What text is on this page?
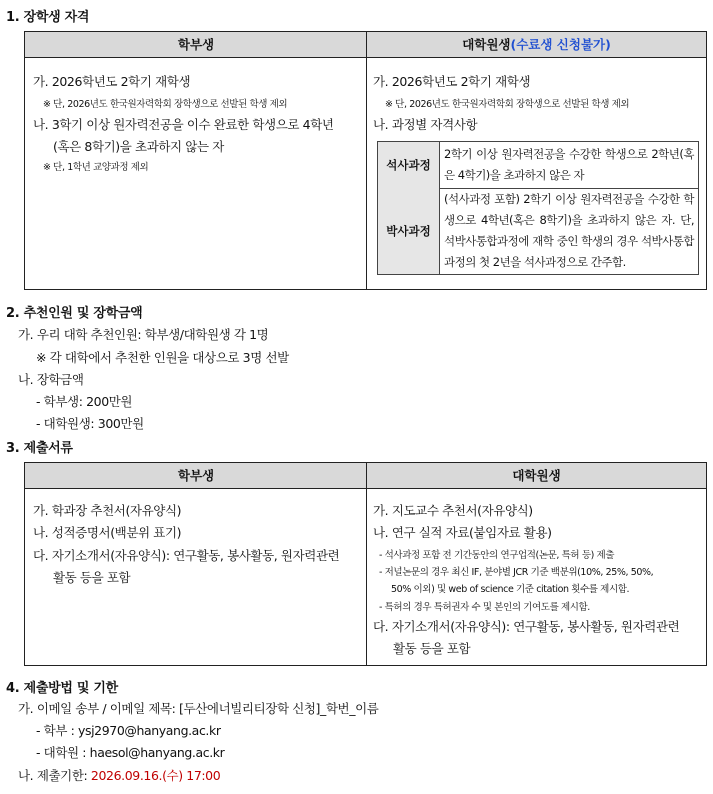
1. 장학생 자격
학부생	대학원생(수료생 신청불가)
가. 2026학년도 2학기 재학생
※ 단, 2026년도 한국원자력학회 장학생으로 선발된 학생 제외
나. 3학기 이상 원자력전공을 이수 완료한 학생으로 4학년
(혹은 8학기)을 초과하지 않는 자
※ 단, 1학년 교양과정 제외
가. 2026학년도 2학기 재학생
※ 단, 2026년도 한국원자력학회 장학생으로 선발된 학생 제외
나. 과정별 자격사항
석사과정
2학기 이상 원자력전공을 수강한 학생으로 2학년(혹은 4학기)을 초과하지 않은 자
박사과정
(석사과정 포함) 2학기 이상 원자력전공을 수강한 학생으로 4학년(혹은 8학기)을 초과하지 않은 자. 단, 석박사통합과정에 재학 중인 학생의 경우 석박사통합과정의 첫 2년을 석사과정으로 간주함.
2. 추천인원 및 장학금액
가. 우리 대학 추천인원: 학부생/대학원생 각 1명
※ 각 대학에서 추천한 인원을 대상으로 3명 선발
나. 장학금액
- 학부생: 200만원
- 대학원생: 300만원
3. 제출서류
학부생	대학원생
가. 학과장 추천서(자유양식)
나. 성적증명서(백분위 표기)
다. 자기소개서(자유양식): 연구활동, 봉사활동, 원자력관련
활동 등을 포함
가. 지도교수 추천서(자유양식)
나. 연구 실적 자료(붙임자료 활용)
- 석사과정 포함 전 기간동안의 연구업적(논문, 특허 등) 제출
- 저널논문의 경우 최신 IF, 분야별 JCR 기준 백분위(10%, 25%, 50%,
50% 이외) 및 web of science 기준 citation 횟수를 제시함.
- 특허의 경우 특허권자 수 및 본인의 기여도를 제시함.
다. 자기소개서(자유양식): 연구활동, 봉사활동, 원자력관련
활동 등을 포함
4. 제출방법 및 기한
가. 이메일 송부 / 이메일 제목: [두산에너빌리티장학 신청]_학번_이름
- 학부 : ysj2970@hanyang.ac.kr
- 대학원 : haesol@hanyang.ac.kr
나. 제출기한: 2026.09.16.(수) 17:00
